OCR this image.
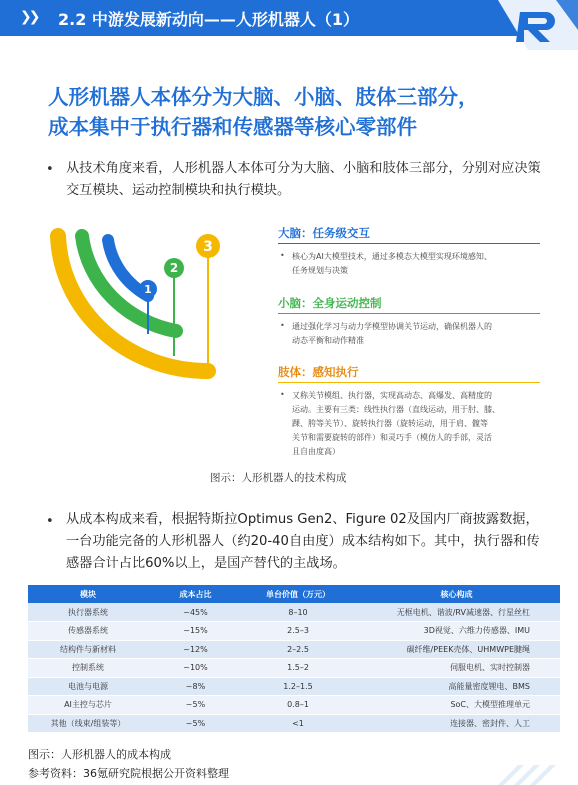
❯❯ 2.2 中游发展新动向——人形机器人（1）
人形机器人本体分为大脑、小脑、肢体三部分，
成本集中于执行器和传感器等核心零部件
• 从技术角度来看，人形机器人本体可分为大脑、小脑和肢体三部分，分别对应决策交互模块、运动控制模块和执行模块。
1
2
3
大脑：任务级交互
• 核心为AI大模型技术，通过多模态大模型实现环境感知、
任务规划与决策
小脑：全身运动控制
• 通过强化学习与动力学模型协调关节运动，确保机器人的
动态平衡和动作精准
肢体：感知执行
• 又称关节模组、执行器，实现高动态、高爆发、高精度的
运动。主要有三类：线性执行器（直线运动，用于肘、膝、
踝、胯等关节）、旋转执行器（旋转运动，用于肩、髋等
关节和需要旋转的部件）和灵巧手（模仿人的手部，灵活
且自由度高）
图示：人形机器人的技术构成
• 从成本构成来看，根据特斯拉Optimus Gen2、Figure 02及国内厂商披露数据，一台功能完备的人形机器人（约20-40自由度）成本结构如下。其中，执行器和传感器合计占比60%以上，是国产替代的主战场。
模块	成本占比	单台价值（万元）	核心构成
执行器系统	~45%	8–10	无框电机、谐波/RV减速器、行星丝杠
传感器系统	~15%	2.5–3	3D视觉、六维力传感器、IMU
结构件与新材料	~12%	2–2.5	碳纤维/PEEK壳体、UHMWPE腱绳
控制系统	~10%	1.5–2	伺服电机、实时控制器
电池与电源	~8%	1.2–1.5	高能量密度锂电、BMS
AI主控与芯片	~5%	0.8–1	SoC、大模型推理单元
其他（线束/组装等）	~5%	<1	连接器、密封件、人工
图示：人形机器人的成本构成
参考资料：36氪研究院根据公开资料整理
